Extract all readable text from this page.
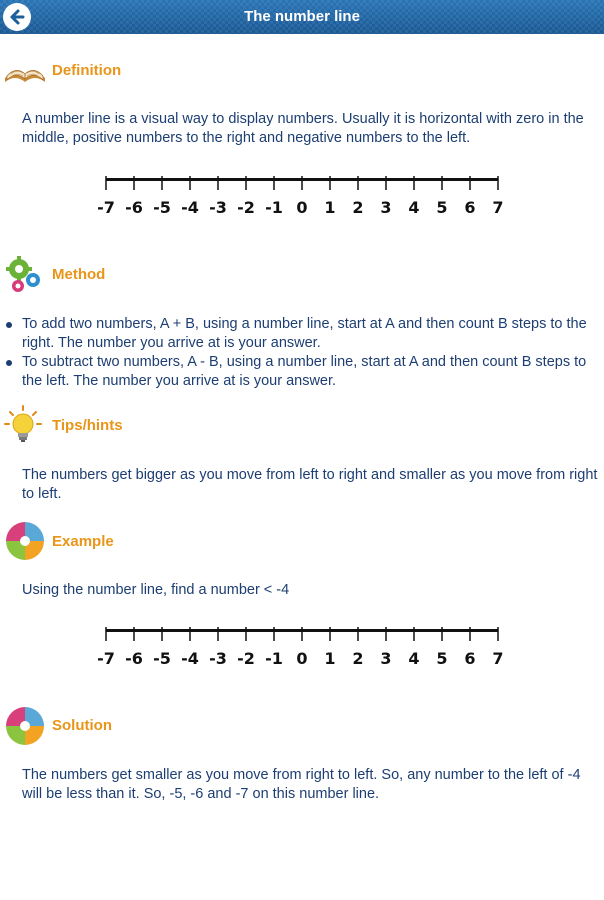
The number line
Definition
A number line is a visual way to display numbers. Usually it is horizontal with zero in the middle, positive numbers to the right and negative numbers to the left.
-7 -6 -5 -4 -3 -2 -1 0 1 2 3 4 5 6 7
Method
To add two numbers, A + B, using a number line, start at A and then count B steps to the right. The number you arrive at is your answer.
To subtract two numbers, A - B, using a number line, start at A and then count B steps to the left. The number you arrive at is your answer.
Tips/hints
The numbers get bigger as you move from left to right and smaller as you move from right to left.
Example
Using the number line, find a number < -4
-7 -6 -5 -4 -3 -2 -1 0 1 2 3 4 5 6 7
Solution
The numbers get smaller as you move from right to left. So, any number to the left of -4 will be less than it. So, -5, -6 and -7 on this number line.
